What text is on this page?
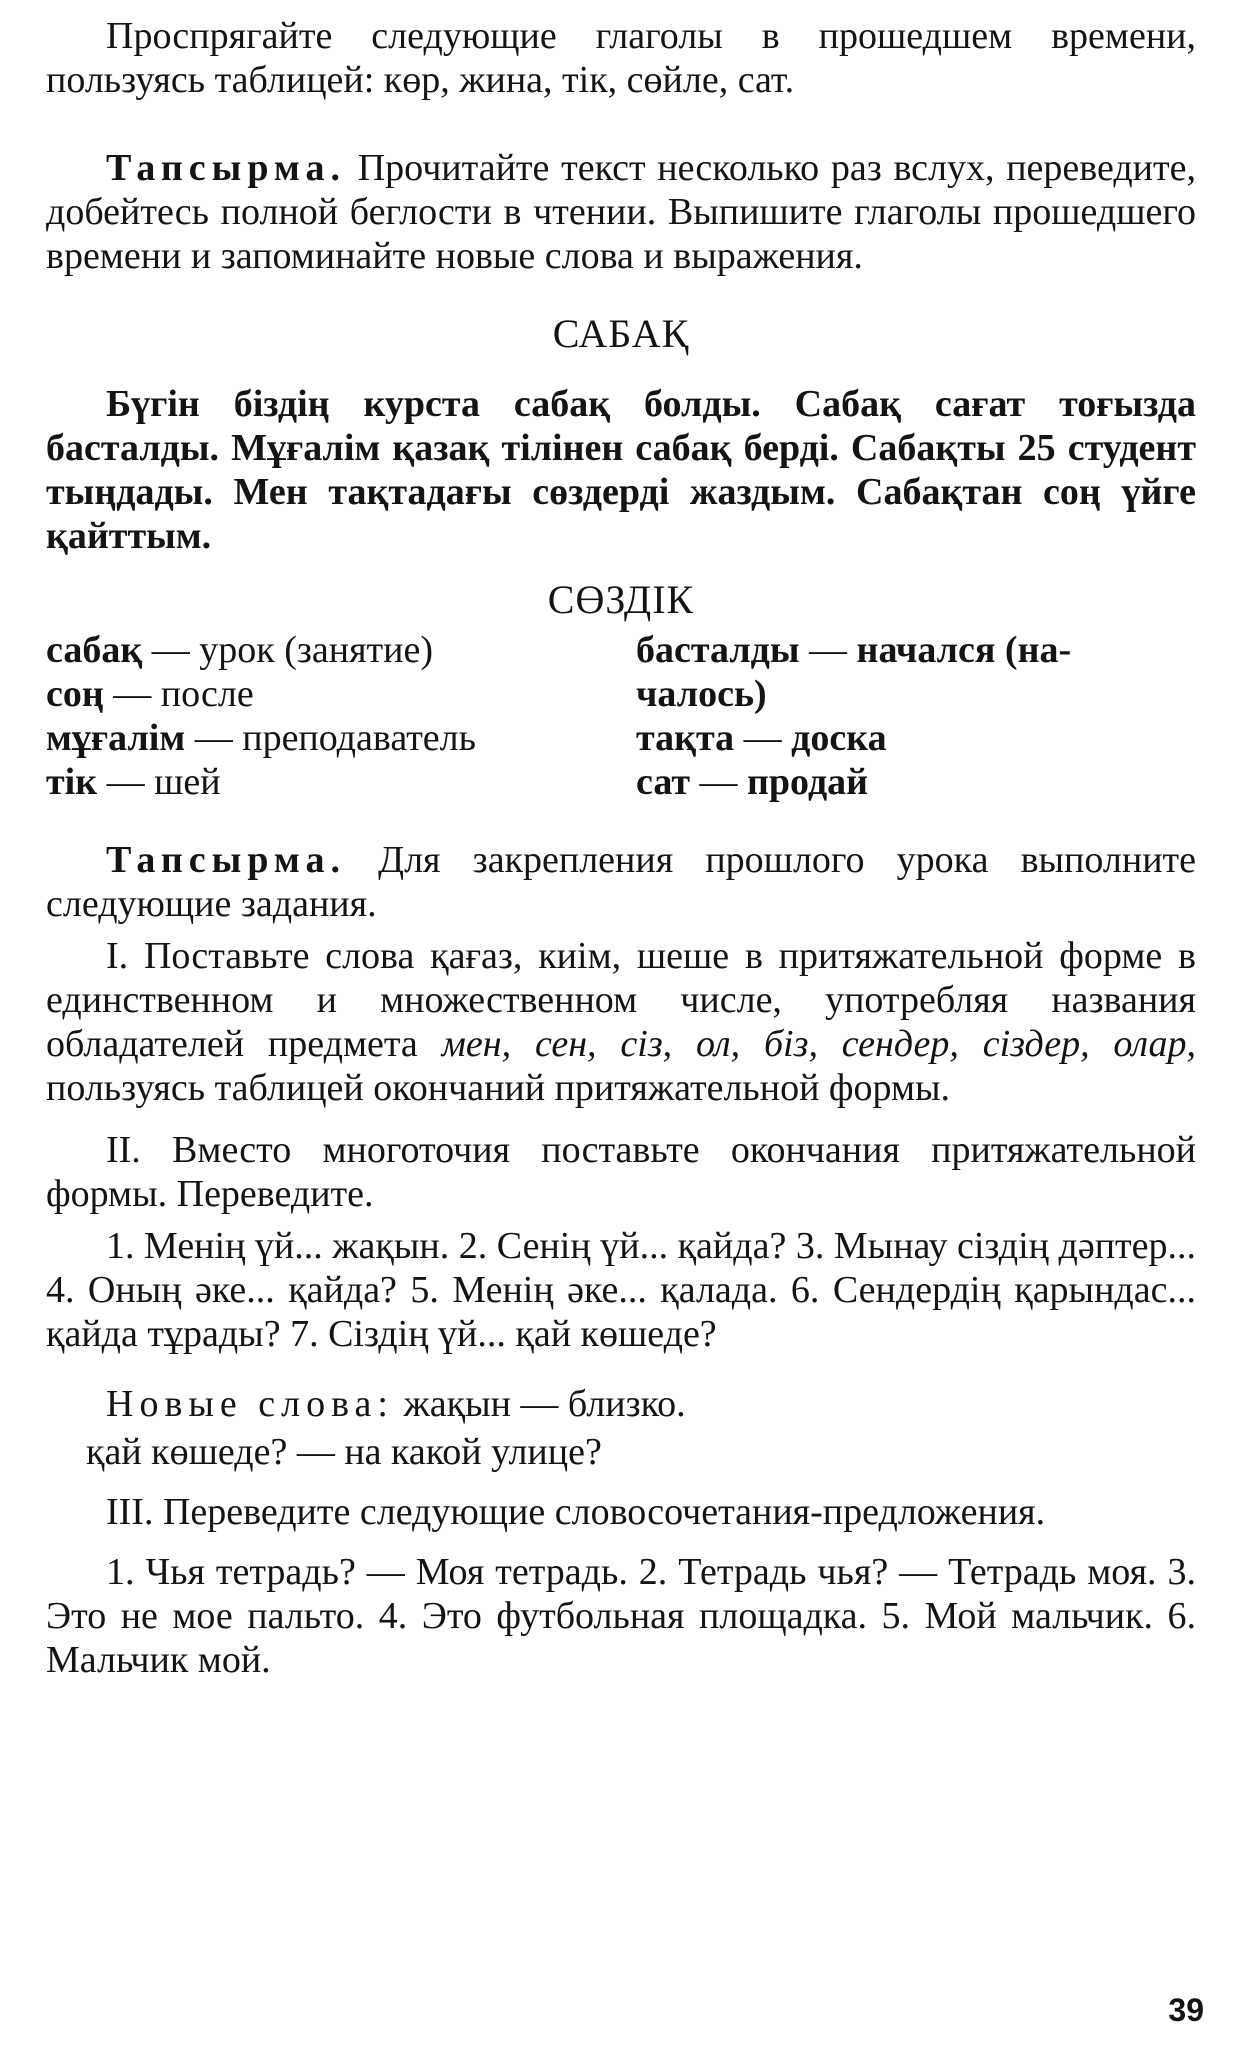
Проспрягайте следующие глаголы в прошедшем времени, пользуясь таблицей: көр, жина, тік, сөйле, сат.

Тапсырма. Прочитайте текст несколько раз вслух, переведите, добейтесь полной беглости в чтении. Выпишите глаголы прошедшего времени и запоминайте новые слова и выражения.

САБАҚ

Бүгін біздің курста сабақ болды. Сабақ сағат тоғызда басталды. Мұғалім қазақ тілінен сабақ берді. Сабақты 25 студент тыңдады. Мен тақтадағы сөздерді жаздым. Сабақтан соң үйге қайттым.

СӨЗДІК

сабақ — урок (занятие)	басталды — начался (на-
соң — после	чалось)
мұғалім — преподаватель	тақта — доска
тік — шей	сат — продай

Тапсырма. Для закрепления прошлого урока выполните следующие задания.

І. Поставьте слова қағаз, киім, шеше в притяжательной форме в единственном и множественном числе, употребляя названия обладателей предмета мен, сен, сіз, ол, біз, сендер, сіздер, олар, пользуясь таблицей окончаний притяжательной формы.

II. Вместо многоточия поставьте окончания притяжательной формы. Переведите.

1. Менің үй... жақын. 2. Сенің үй... қайда? 3. Мынау сіздің дәптер... 4. Оның әке... қайда? 5. Менің әке... қалада. 6. Сендердің қарындас... қайда тұрады? 7. Сіздің үй... қай көшеде?

Новые слова: жақын — близко.

қай көшеде? — на какой улице?

III. Переведите следующие словосочетания-предложения.

1. Чья тетрадь? — Моя тетрадь. 2. Тетрадь чья? — Тетрадь моя. 3. Это не мое пальто. 4. Это футбольная площадка. 5. Мой мальчик. 6. Мальчик мой.

39
